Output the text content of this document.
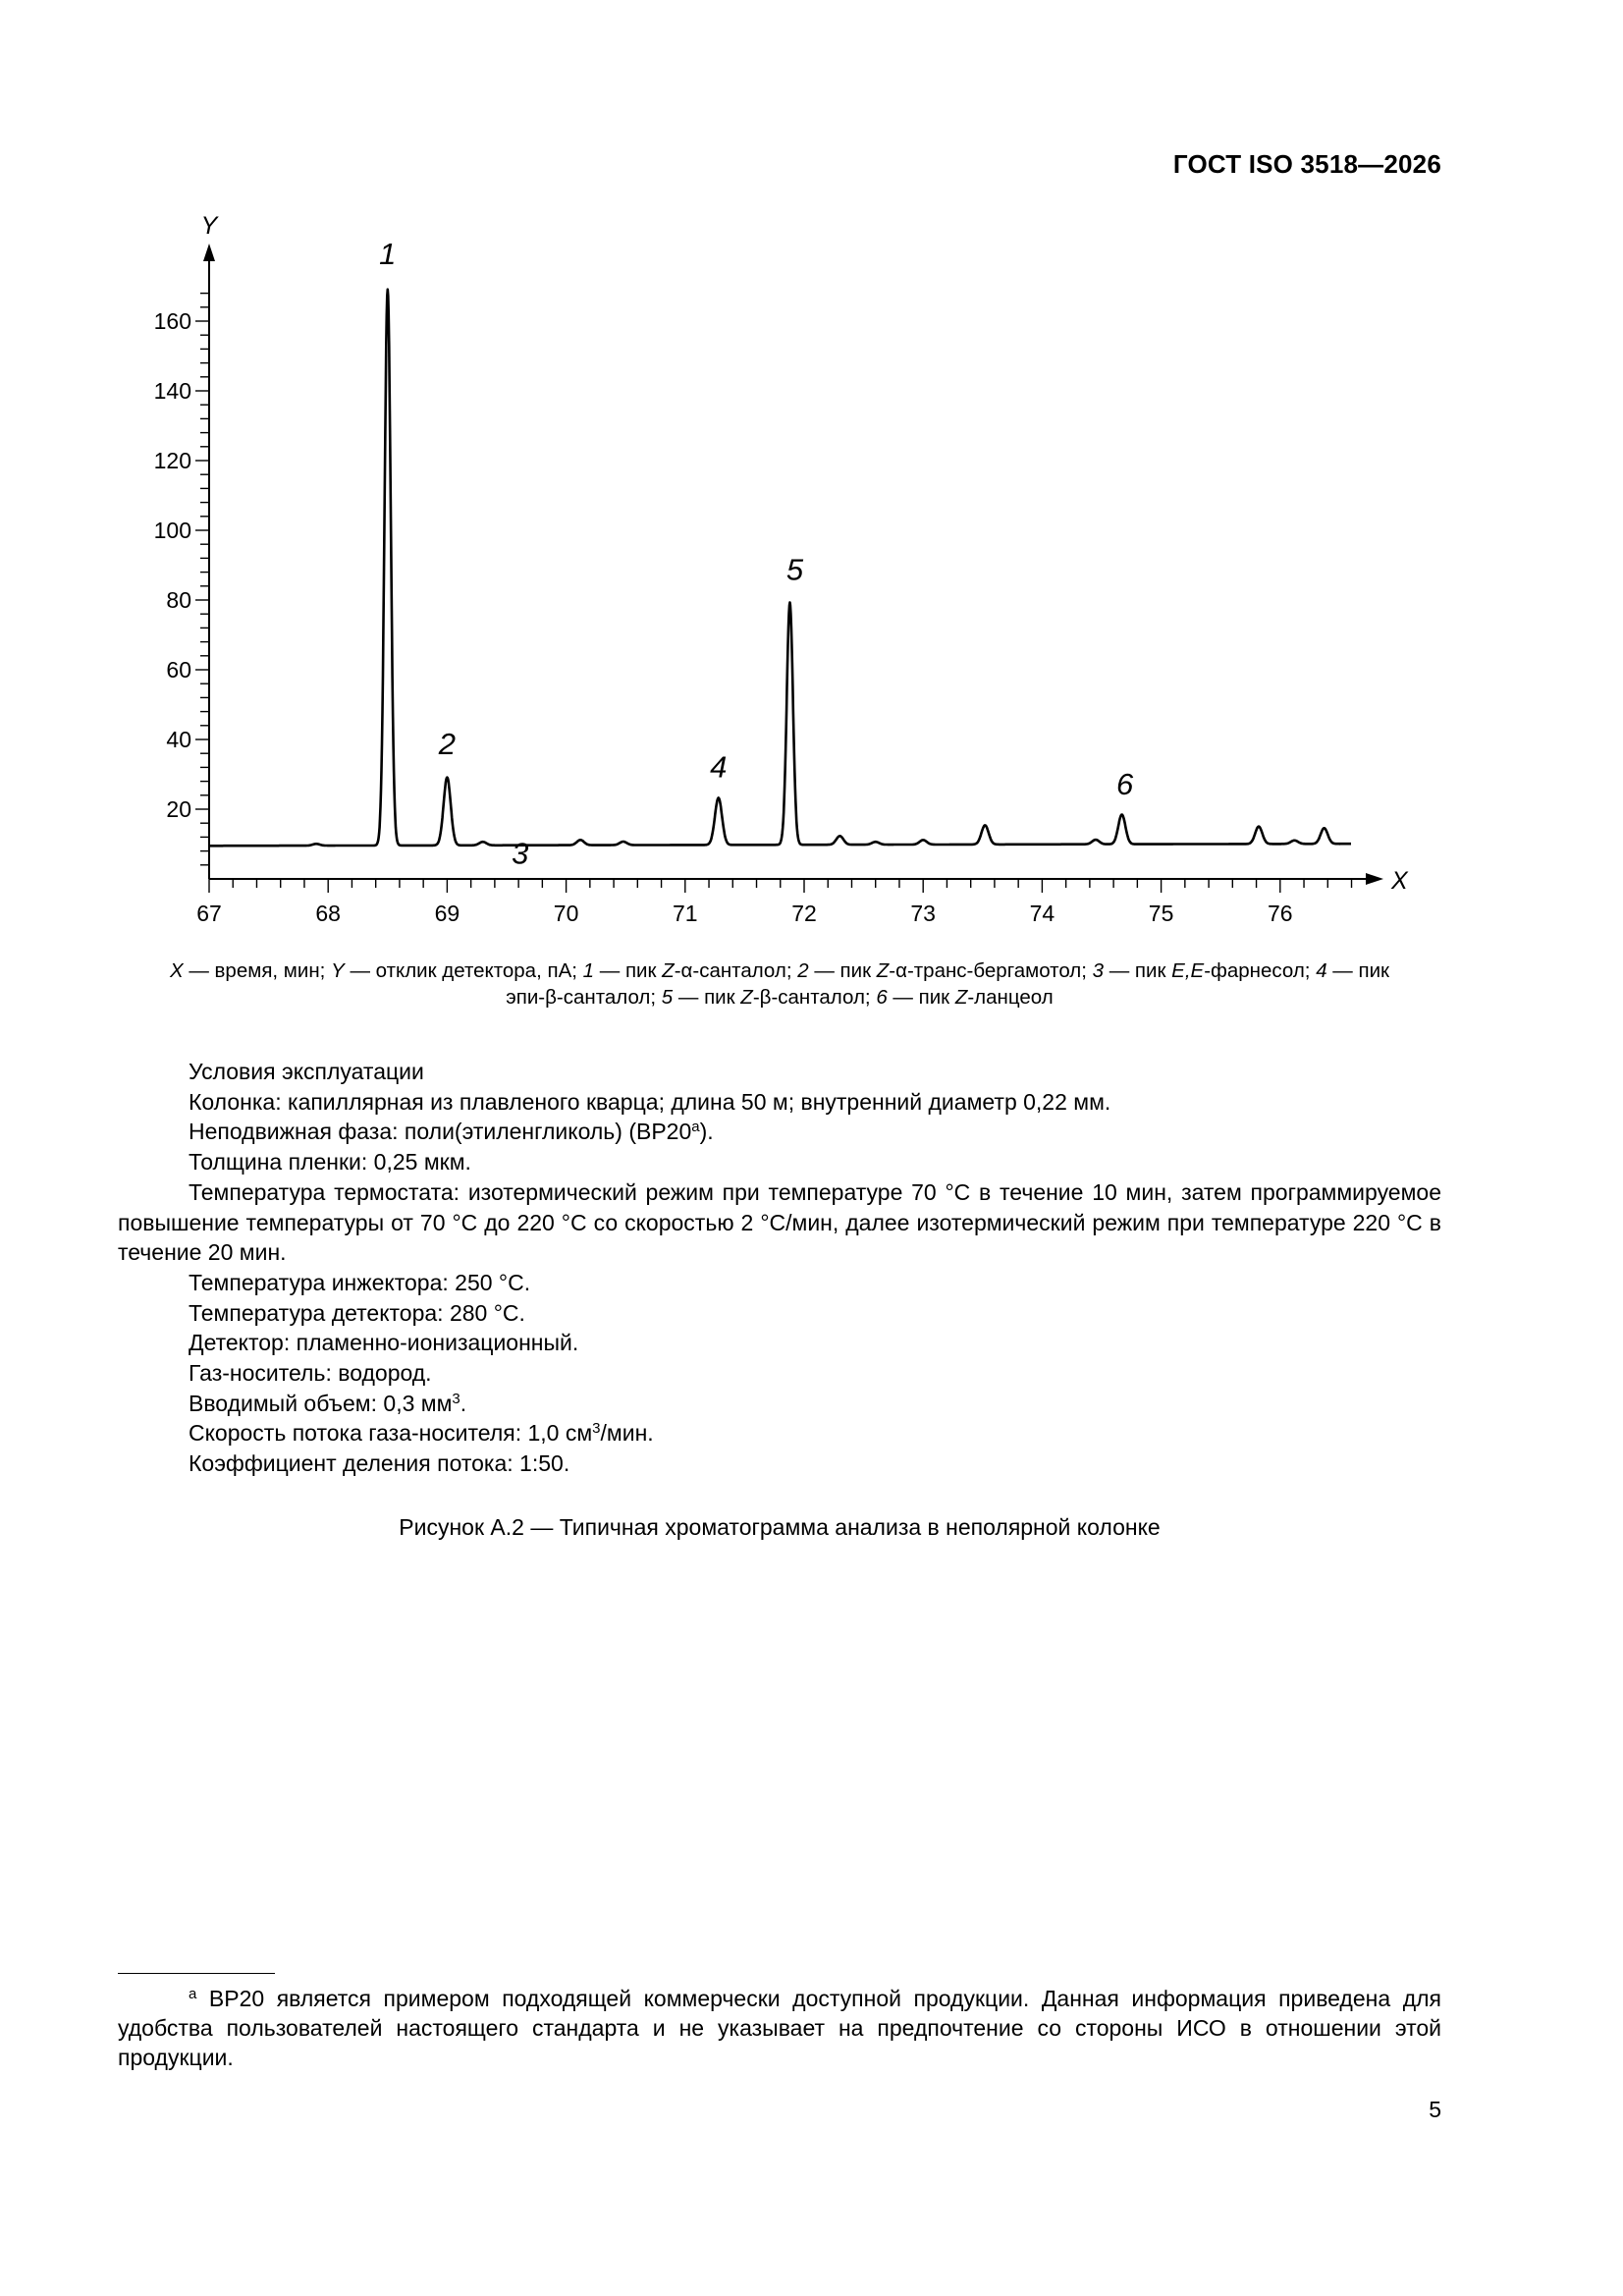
ГОСТ ISO 3518—2026
67	68	69	70	71	72	73	74	75	76
20
40
60
80
100
120
140
160
X
Y
1
2
3
4
5
6
X — время, мин; Y — отклик детектора, пА; 1 — пик Z-α-санталол; 2 — пик Z-α-транс-бергамотол; 3 — пик E,E-фарнесол; 4 — пик
эпи-β-санталол; 5 — пик Z-β-санталол; 6 — пик Z-ланцеол

Условия эксплуатации

Колонка: капиллярная из плавленого кварца; длина 50 м; внутренний диаметр 0,22 мм.

Неподвижная фаза: поли(этиленгликоль) (BP20$^a$).

Толщина пленки: 0,25 мкм.

Температура термостата: изотермический режим при температуре 70 °С в течение 10 мин, затем программируемое повышение температуры от 70 °С до 220 °С со скоростью 2 °С/мин, далее изотермический режим при температуре 220 °С в течение 20 мин.

Температура инжектора: 250 °С.

Температура детектора: 280 °С.

Детектор: пламенно-ионизационный.

Газ-носитель: водород.

Вводимый объем: 0,3 $мм^3$.

Скорость потока газа-носителя: 1,0 $см^3$/мин.

Коэффициент деления потока: 1:50.

Рисунок А.2 — Типичная хроматограмма анализа в неполярной колонке
$^a$ BP20 является примером подходящей коммерчески доступной продукции. Данная информация приведена для удобства пользователей настоящего стандарта и не указывает на предпочтение со стороны ИСО в отношении этой продукции.
5
